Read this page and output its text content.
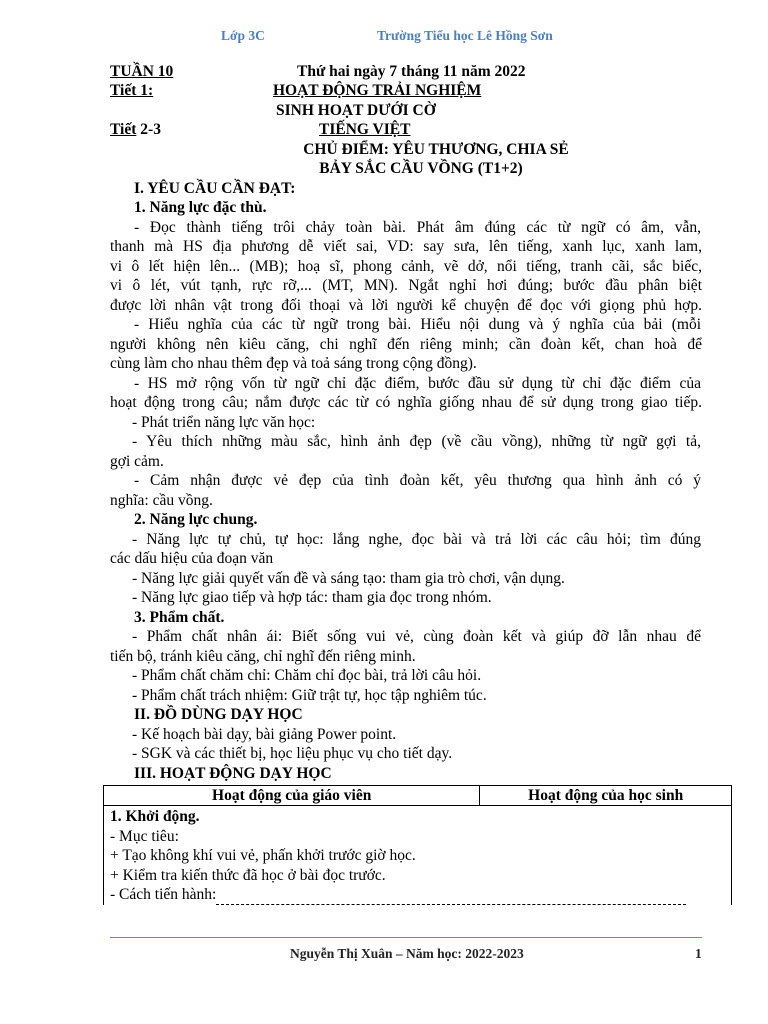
Lớp 3C	Trường Tiểu học Lê Hồng Sơn
TUẦN 10	Thứ hai ngày 7 tháng 11 năm 2022
Tiết 1:	HOẠT ĐỘNG TRẢI NGHIỆM
SINH HOẠT DƯỚI CỜ
Tiết 2-3	TIẾNG VIỆT
CHỦ ĐIỂM: YÊU THƯƠNG, CHIA SẺ
BẢY SẮC CẦU VỒNG (T1+2)
I. YÊU CẦU CẦN ĐẠT:
1. Năng lực đặc thù.
- Đọc thành tiếng trôi chảy toàn bài. Phát âm đúng các từ ngữ có âm, vẫn,
thanh mà HS địa phương dễ viết sai, VD: say sưa, lên tiếng, xanh lục, xanh lam,
vi ô lết hiện lên... (MB); hoạ sĩ, phong cảnh, vẽ dở, nổi tiếng, tranh cãi, sắc biếc,
vi ô lét, vút tạnh, rực rỡ,... (MT, MN). Ngắt nghỉ hơi đúng; bước đầu phân biệt
được lời nhân vật trong đối thoại và lời người kể chuyện để đọc với giọng phủ hợp.
- Hiểu nghĩa của các từ ngữ trong bài. Hiểu nội dung và ý nghĩa của bải (mỗi
người không nên kiêu căng, chi nghĩ đến riêng minh; cần đoàn kết, chan hoà để
cùng làm cho nhau thêm đẹp và toả sáng trong cộng đồng).
- HS mở rộng vốn từ ngữ chỉ đặc điểm, bước đầu sử dụng từ chỉ đặc điểm của
hoạt động trong câu; nắm được các từ có nghĩa giống nhau để sử dụng trong giao tiếp.
- Phát triển năng lực văn học:
- Yêu thích những màu sắc, hình ảnh đẹp (về cầu vồng), những từ ngữ gợi tả,
gợi cảm.
- Cảm nhận được vẻ đẹp của tình đoàn kết, yêu thương qua hình ảnh có ý
nghĩa: cầu vồng.
2. Năng lực chung.
- Năng lực tự chủ, tự học: lắng nghe, đọc bài và trả lời các câu hỏi; tìm đúng
các dấu hiệu của đoạn văn
- Năng lực giải quyết vấn đề và sáng tạo: tham gia trò chơi, vận dụng.
- Năng lực giao tiếp và hợp tác: tham gia đọc trong nhóm.
3. Phẩm chất.
- Phẩm chất nhân ái: Biết sống vui vẻ, cùng đoàn kết và giúp đỡ lẫn nhau để
tiến bộ, tránh kiêu căng, chỉ nghĩ đến riêng minh.
- Phẩm chất chăm chỉ: Chăm chỉ đọc bài, trả lời câu hỏi.
- Phẩm chất trách nhiệm: Giữ trật tự, học tập nghiêm túc.
II. ĐỒ DÙNG DẠY HỌC
- Kế hoạch bài dạy, bài giảng Power point.
- SGK và các thiết bị, học liệu phục vụ cho tiết dạy.
III. HOẠT ĐỘNG DẠY HỌC
Hoạt động của giáo viên	Hoạt động của học sinh

1. Khởi động.
- Mục tiêu:
+ Tạo không khí vui vẻ, phấn khởi trước giờ học.
+ Kiểm tra kiến thức đã học ở bài đọc trước.
- Cách tiến hành:
Nguyễn Thị Xuân – Năm học: 2022-2023	1
